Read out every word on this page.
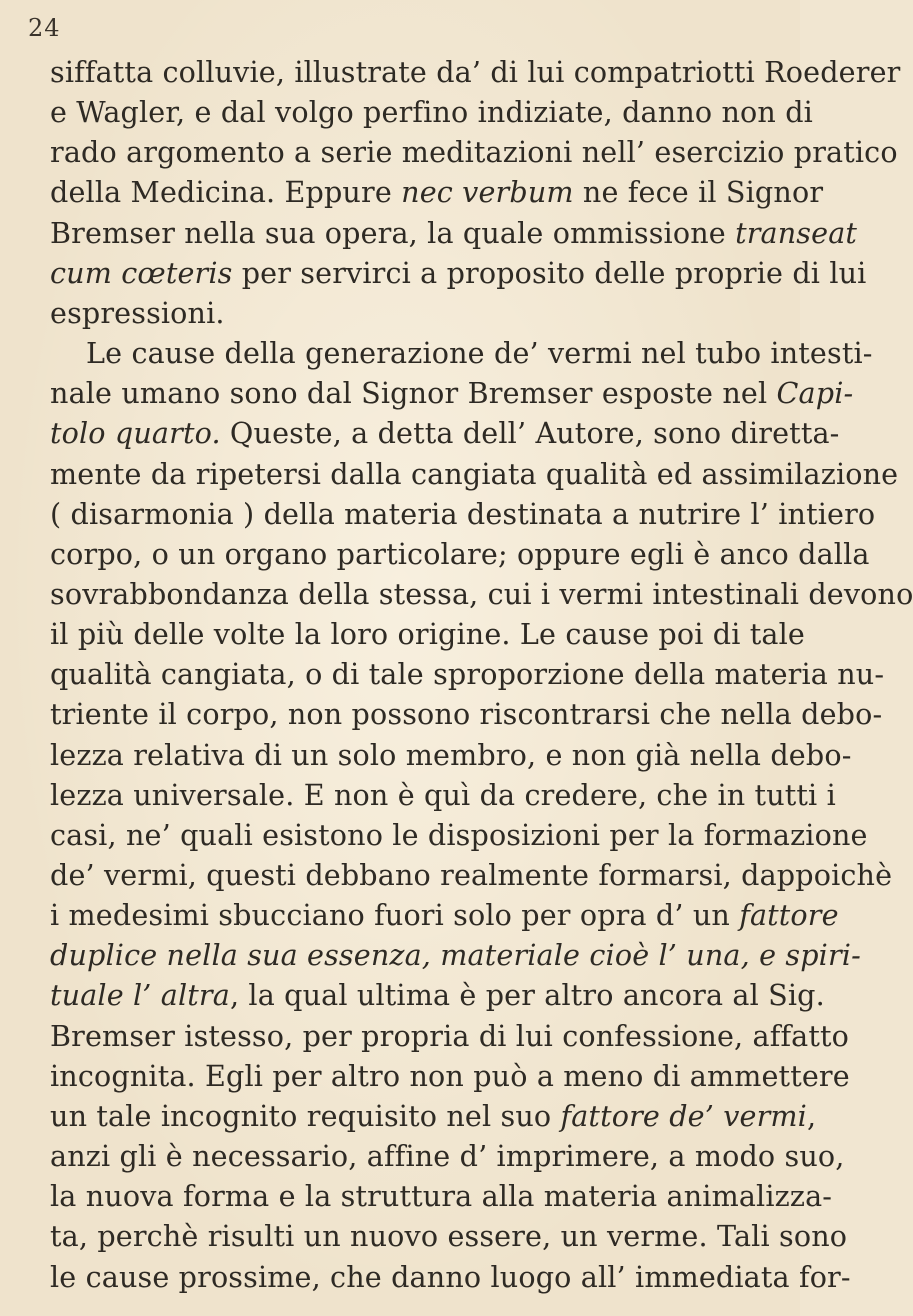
24
siffatta colluvie, illustrate da’ di lui compatriotti Roederer
e Wagler, e dal volgo perfino indiziate, danno non di
rado argomento a serie meditazioni nell’ esercizio pratico
della Medicina. Eppure nec verbum ne fece il Signor
Bremser nella sua opera, la quale ommissione transeat
cum cœteris per servirci a proposito delle proprie di lui
espressioni.
Le cause della generazione de’ vermi nel tubo intesti-
nale umano sono dal Signor Bremser esposte nel Capi-
tolo quarto. Queste, a detta dell’ Autore, sono diretta-
mente da ripetersi dalla cangiata qualità ed assimilazione
( disarmonia ) della materia destinata a nutrire l’ intiero
corpo, o un organo particolare; oppure egli è anco dalla
sovrabbondanza della stessa, cui i vermi intestinali devono
il più delle volte la loro origine. Le cause poi di tale
qualità cangiata, o di tale sproporzione della materia nu-
triente il corpo, non possono riscontrarsi che nella debo-
lezza relativa di un solo membro, e non già nella debo-
lezza universale. E non è quì da credere, che in tutti i
casi, ne’ quali esistono le disposizioni per la formazione
de’ vermi, questi debbano realmente formarsi, dappoichè
i medesimi sbucciano fuori solo per opra d’ un fattore
duplice nella sua essenza, materiale cioè l’ una, e spiri-
tuale l’ altra, la qual ultima è per altro ancora al Sig.
Bremser istesso, per propria di lui confessione, affatto
incognita. Egli per altro non può a meno di ammettere
un tale incognito requisito nel suo fattore de’ vermi,
anzi gli è necessario, affine d’ imprimere, a modo suo,
la nuova forma e la struttura alla materia animalizza-
ta, perchè risulti un nuovo essere, un verme. Tali sono
le cause prossime, che danno luogo all’ immediata for-
